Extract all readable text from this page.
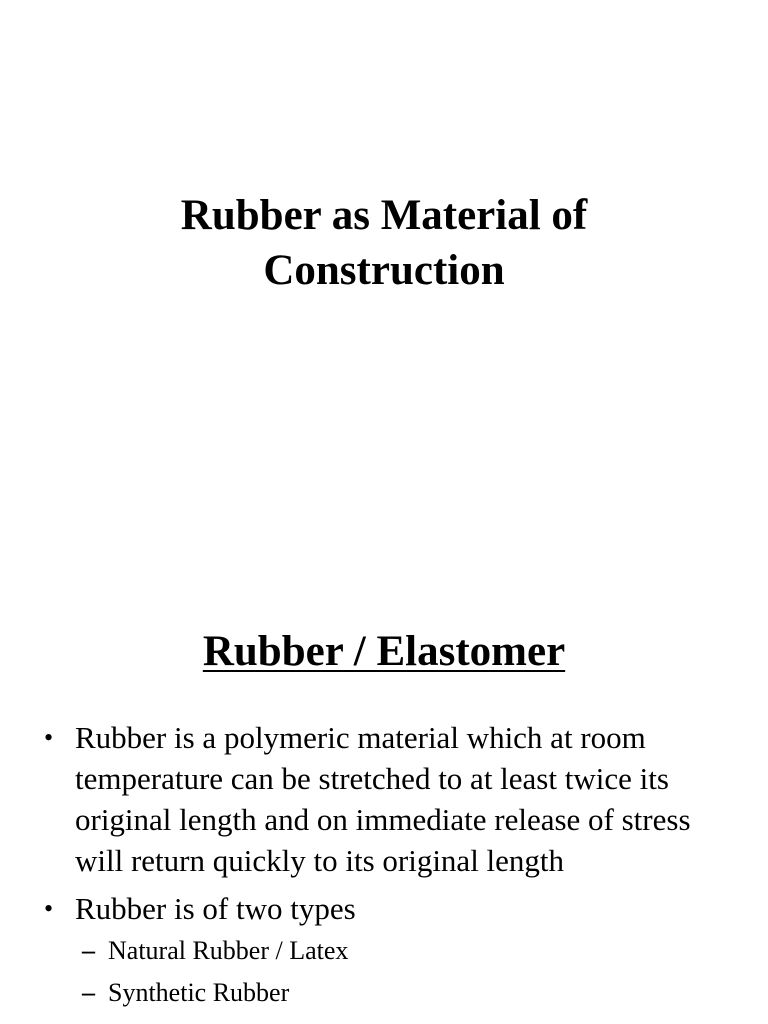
Rubber as Material of
Construction
Rubber / Elastomer
• Rubber is a polymeric material which at room temperature can be stretched to at least twice its original length and on immediate release of stress will return quickly to its original length
• Rubber is of two types
– Natural Rubber / Latex
– Synthetic Rubber
